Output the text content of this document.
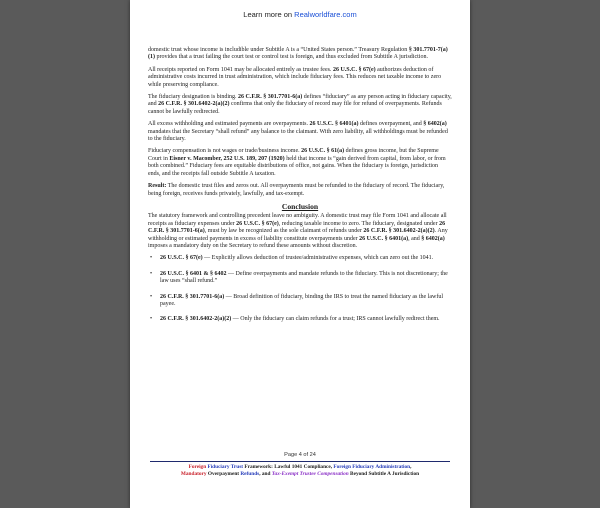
Learn more on Realworldfare.com

domestic trust whose income is includible under Subtitle A is a “United States person.” Treasury Regulation § 301.7701-7(a)(1) provides that a trust failing the court test or control test is foreign, and thus excluded from Subtitle A jurisdiction.

All receipts reported on Form 1041 may be allocated entirely as trustee fees. 26 U.S.C. § 67(e) authorizes deduction of administrative costs incurred in trust administration, which include fiduciary fees. This reduces net taxable income to zero while preserving compliance.

The fiduciary designation is binding. 26 C.F.R. § 301.7701-6(a) defines “fiduciary” as any person acting in fiduciary capacity, and 26 C.F.R. § 301.6402-2(a)(2) confirms that only the fiduciary of record may file for refund of overpayments. Refunds cannot be lawfully redirected.

All excess withholding and estimated payments are overpayments. 26 U.S.C. § 6401(a) defines overpayment, and § 6402(a) mandates that the Secretary “shall refund” any balance to the claimant. With zero liability, all withholdings must be refunded to the fiduciary.

Fiduciary compensation is not wages or trade/business income. 26 U.S.C. § 61(a) defines gross income, but the Supreme Court in Eisner v. Macomber, 252 U.S. 189, 207 (1920) held that income is “gain derived from capital, from labor, or from both combined.” Fiduciary fees are equitable distributions of office, not gains. When the fiduciary is foreign, jurisdiction ends, and the receipts fall outside Subtitle A taxation.

Result: The domestic trust files and zeros out. All overpayments must be refunded to the fiduciary of record. The fiduciary, being foreign, receives funds privately, lawfully, and tax-exempt.

Conclusion

The statutory framework and controlling precedent leave no ambiguity. A domestic trust may file Form 1041 and allocate all receipts as fiduciary expenses under 26 U.S.C. § 67(e), reducing taxable income to zero. The fiduciary, designated under 26 C.F.R. § 301.7701-6(a), must by law be recognized as the sole claimant of refunds under 26 C.F.R. § 301.6402-2(a)(2). Any withholding or estimated payments in excess of liability constitute overpayments under 26 U.S.C. § 6401(a), and § 6402(a) imposes a mandatory duty on the Secretary to refund these amounts without discretion.

• 26 U.S.C. § 67(e) — Explicitly allows deduction of trustee/administrative expenses, which can zero out the 1041.
• 26 U.S.C. § 6401 & § 6402 — Define overpayments and mandate refunds to the fiduciary. This is not discretionary; the law uses “shall refund.”
• 26 C.F.R. § 301.7701-6(a) — Broad definition of fiduciary, binding the IRS to treat the named fiduciary as the lawful payee.
• 26 C.F.R. § 301.6402-2(a)(2) — Only the fiduciary can claim refunds for a trust; IRS cannot lawfully redirect them.
Page 4 of 24
Foreign Fiduciary Trust Framework: Lawful 1041 Compliance, Foreign Fiduciary Administration,
Mandatory Overpayment Refunds, and Tax-Exempt Trustee Compensation Beyond Subtitle A Jurisdiction
